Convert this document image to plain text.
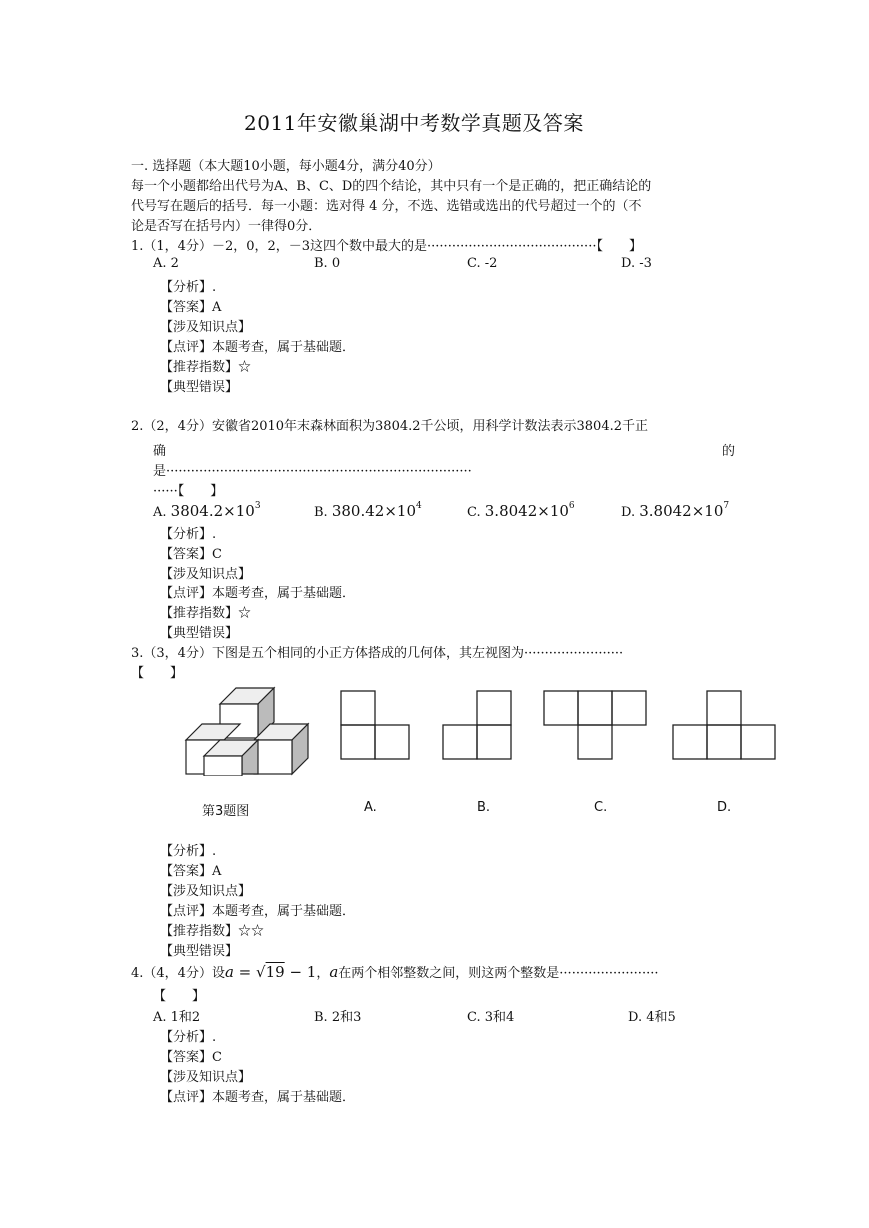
2011年安徽巢湖中考数学真题及答案
一. 选择题（本大题10小题，每小题4分，满分40分）
每一个小题都给出代号为A、B、C、D的四个结论，其中只有一个是正确的，把正确结论的
代号写在题后的括号．每一小题：选对得 4 分，不选、选错或选出的代号超过一个的（不
论是否写在括号内）一律得0分．
1.（1，4分）－2，0，2，－3这四个数中最大的是·········································【　　】
A. 2	B. 0	C. -2	D. -3
【分析】.
【答案】A
【涉及知识点】
【点评】本题考查，属于基础题．
【推荐指数】☆
【典型错误】
2.（2，4分）安徽省2010年末森林面积为3804.2千公顷，用科学计数法表示3804.2千正
确	的
是··········································································
······【　　】
A. $3804.2\times 10^3$	B. $380.42\times 10^4$	C. $3.8042\times 10^6$	D. $3.8042\times 10^7$
【分析】.
【答案】C
【涉及知识点】
【点评】本题考查，属于基础题．
【推荐指数】☆
【典型错误】
3.（3，4分）下图是五个相同的小正方体搭成的几何体，其左视图为························
【　　】
第3题图	A.	B.	C.	D.
【分析】.
【答案】A
【涉及知识点】
【点评】本题考查，属于基础题．
【推荐指数】☆☆
【典型错误】
4.（4，4分）设a = √19 − 1，a在两个相邻整数之间，则这两个整数是························
【　　】
A. 1和2	B. 2和3	C. 3和4	D. 4和5
【分析】.
【答案】C
【涉及知识点】
【点评】本题考查，属于基础题．
